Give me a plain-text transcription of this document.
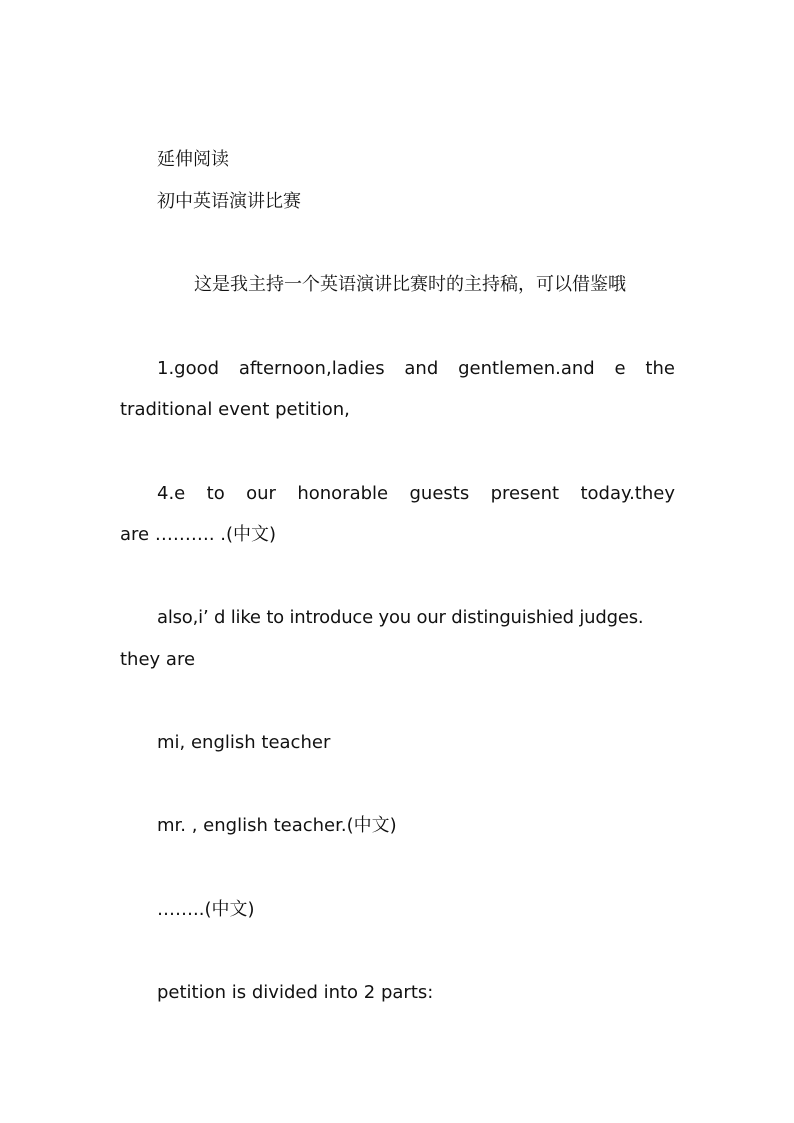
延伸阅读
初中英语演讲比赛
这是我主持一个英语演讲比赛时的主持稿，可以借鉴哦
1.good afternoon,ladies and gentlemen.and e the
traditional event petition,
4.e to our honorable guests present today.they
are ………. .(中文)
also,i’ d like to introduce you our distinguishied judges.
they are
mi, english teacher
mr. , english teacher.(中文)
……..(中文)
petition is divided into 2 parts:
